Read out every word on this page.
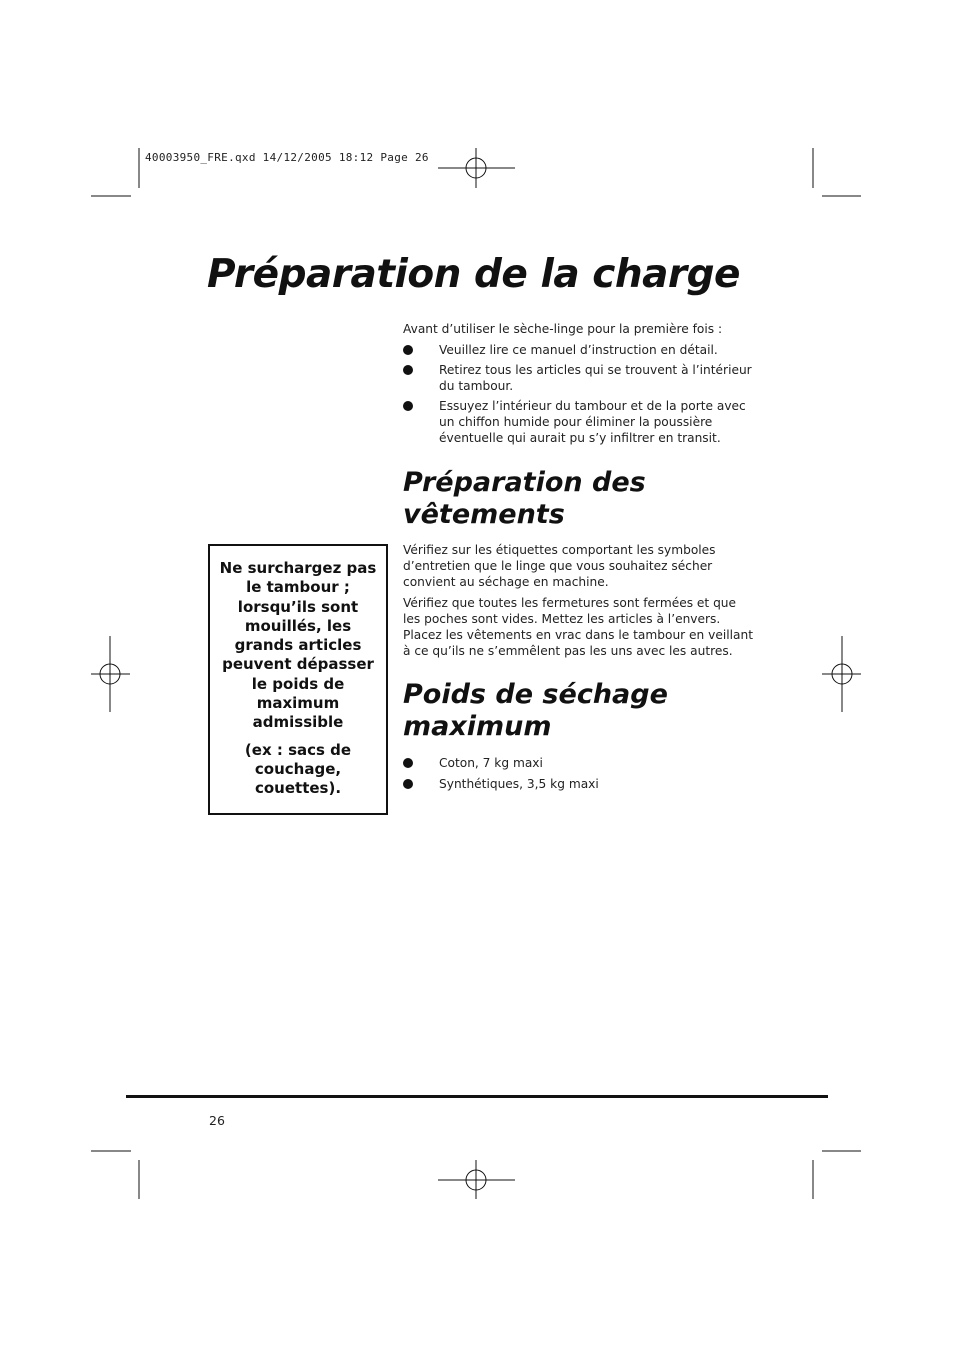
40003950_FRE.qxd 14/12/2005 18:12 Page 26
Préparation de la charge
Avant d’utiliser le sèche-linge pour la première fois :
Veuillez lire ce manuel d’instruction en détail.
Retirez tous les articles qui se trouvent à l’intérieur du tambour.
Essuyez l’intérieur du tambour et de la porte avec un chiffon humide pour éliminer la poussière éventuelle qui aurait pu s’y infiltrer en transit.
Préparation des vêtements
Vérifiez sur les étiquettes comportant les symboles d’entretien que le linge que vous souhaitez sécher convient au séchage en machine.
Vérifiez que toutes les fermetures sont fermées et que les poches sont vides. Mettez les articles à l’envers. Placez les vêtements en vrac dans le tambour en veillant à ce qu’ils ne s’emmêlent pas les uns avec les autres.
Poids de séchage maximum
Coton, 7 kg maxi
Synthétiques, 3,5 kg maxi
Ne surchargez pas le tambour ; lorsqu’ils sont mouillés, les grands articles peuvent dépasser le poids de maximum admissible
(ex : sacs de couchage, couettes).
26
